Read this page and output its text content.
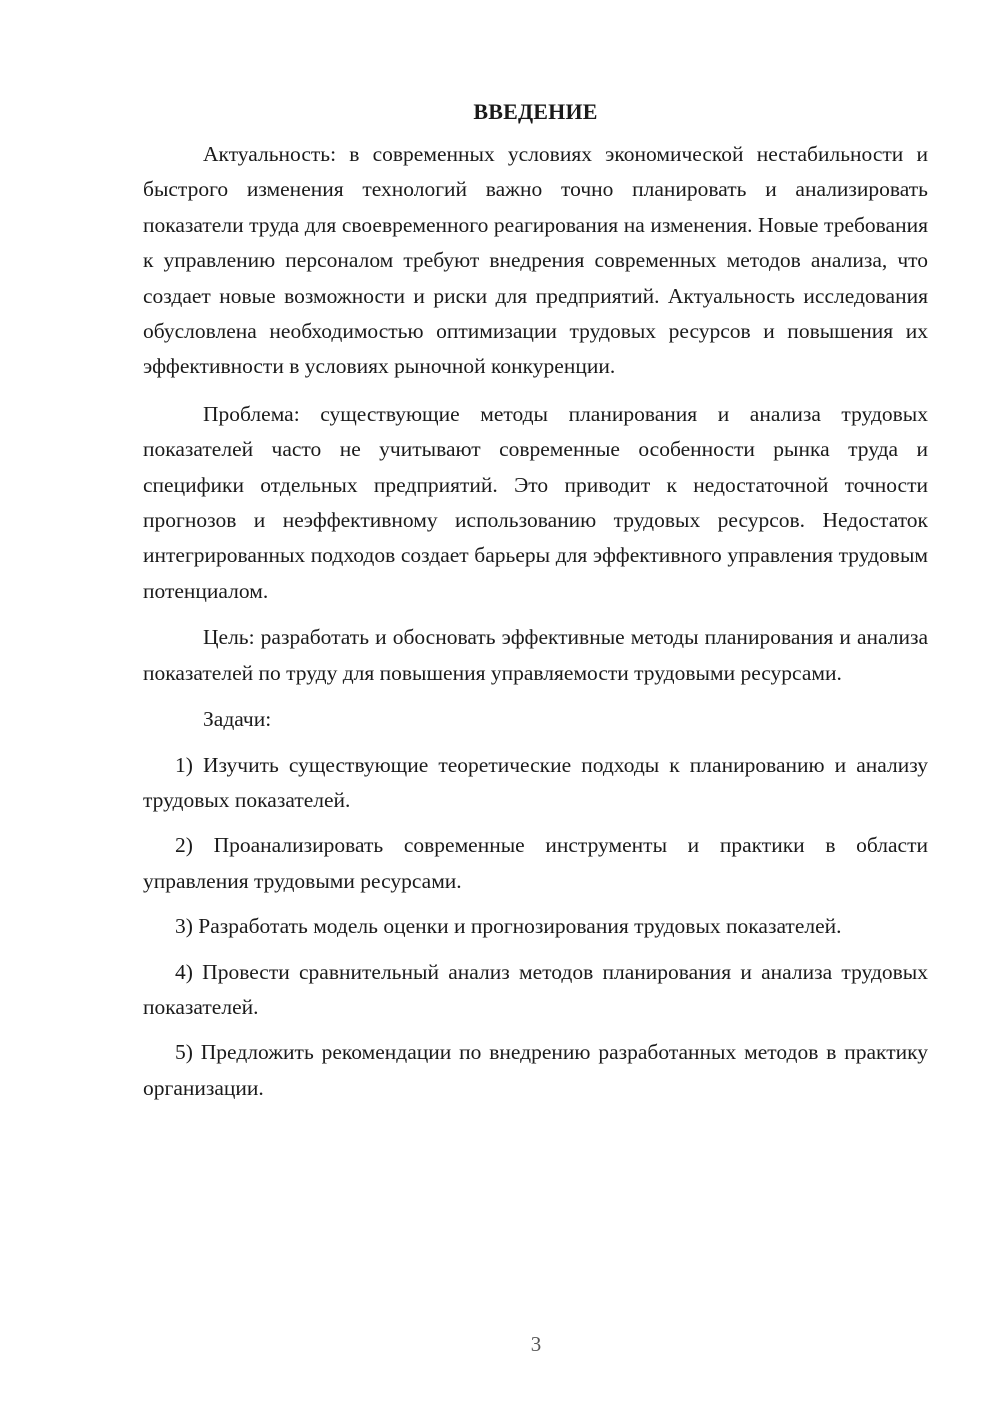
ВВЕДЕНИЕ

Актуальность: в современных условиях экономической нестабильности и быстрого изменения технологий важно точно планировать и анализировать показатели труда для своевременного реагирования на изменения. Новые требования к управлению персоналом требуют внедрения современных методов анализа, что создает новые возможности и риски для предприятий. Актуальность исследования обусловлена необходимостью оптимизации трудовых ресурсов и повышения их эффективности в условиях рыночной конкуренции.

Проблема: существующие методы планирования и анализа трудовых показателей часто не учитывают современные особенности рынка труда и специфики отдельных предприятий. Это приводит к недостаточной точности прогнозов и неэффективному использованию трудовых ресурсов. Недостаток интегрированных подходов создает барьеры для эффективного управления трудовым потенциалом.

Цель: разработать и обосновать эффективные методы планирования и анализа показателей по труду для повышения управляемости трудовыми ресурсами.

Задачи:

1) Изучить существующие теоретические подходы к планированию и анализу трудовых показателей.

2) Проанализировать современные инструменты и практики в области управления трудовыми ресурсами.

3) Разработать модель оценки и прогнозирования трудовых показателей.

4) Провести сравнительный анализ методов планирования и анализа трудовых показателей.

5) Предложить рекомендации по внедрению разработанных методов в практику организации.

3
